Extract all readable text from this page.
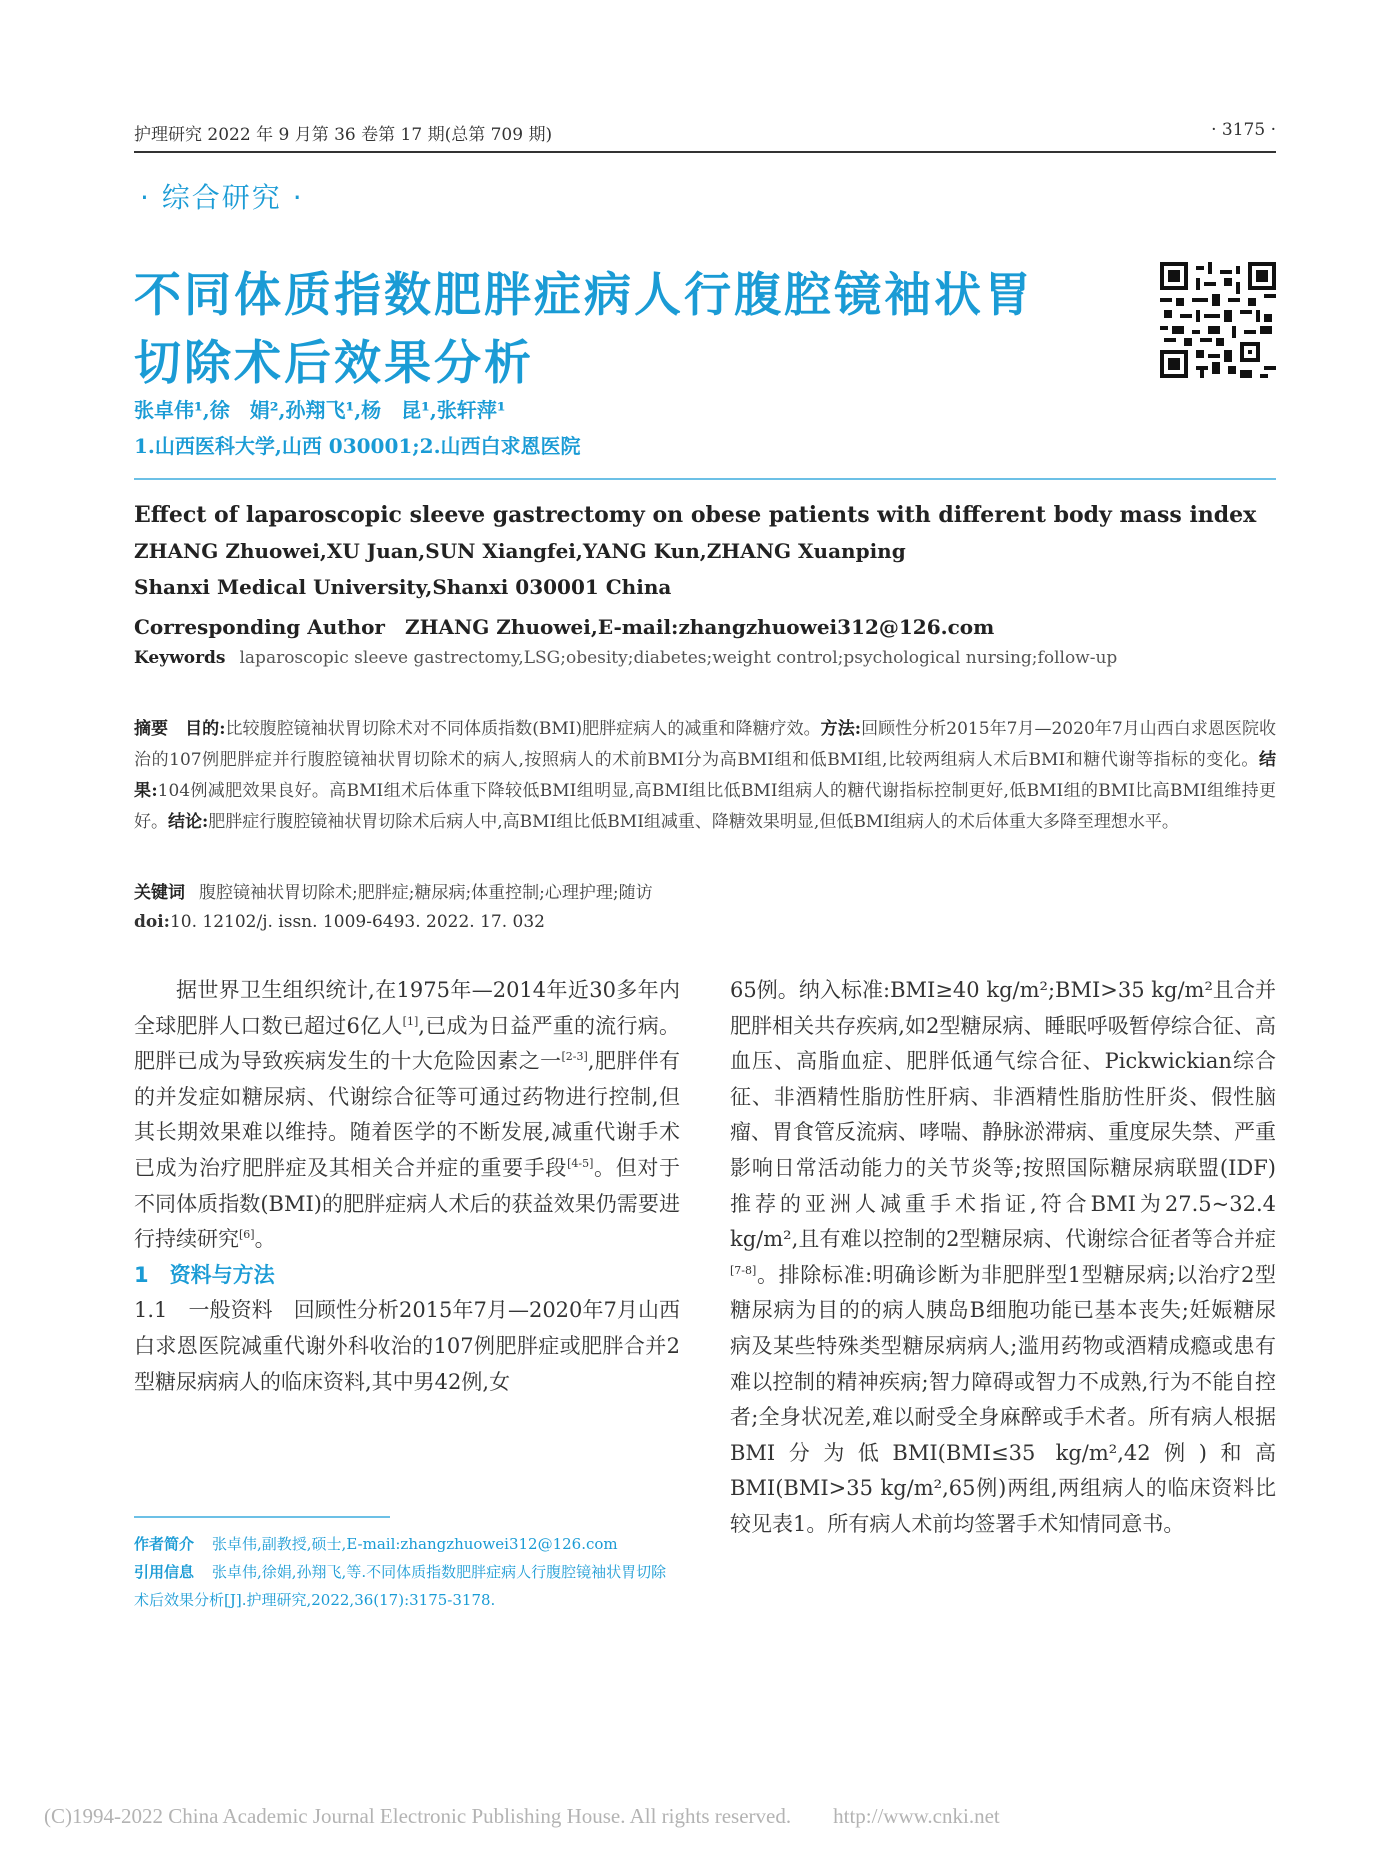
护理研究 2022 年 9 月第 36 卷第 17 期(总第 709 期)	· 3175 ·
· 综合研究 ·
不同体质指数肥胖症病人行腹腔镜袖状胃
切除术后效果分析
张卓伟¹,徐　娟²,孙翔飞¹,杨　昆¹,张轩萍¹
1.山西医科大学,山西 030001;2.山西白求恩医院
Effect of laparoscopic sleeve gastrectomy on obese patients with different body mass index
ZHANG Zhuowei,XU Juan,SUN Xiangfei,YANG Kun,ZHANG Xuanping
Shanxi Medical University,Shanxi 030001 China
Corresponding Author　ZHANG Zhuowei,E-mail:zhangzhuowei312@126.com
Keywords laparoscopic sleeve gastrectomy,LSG;obesity;diabetes;weight control;psychological nursing;follow-up
摘要　 目的:比较腹腔镜袖状胃切除术对不同体质指数(BMI)肥胖症病人的减重和降糖疗效。方法:回顾性分析2015年7月—2020年7月山西白求恩医院收治的107例肥胖症并行腹腔镜袖状胃切除术的病人,按照病人的术前BMI分为高BMI组和低BMI组,比较两组病人术后BMI和糖代谢等指标的变化。结果:104例减肥效果良好。高BMI组术后体重下降较低BMI组明显,高BMI组比低BMI组病人的糖代谢指标控制更好,低BMI组的BMI比高BMI组维持更好。结论:肥胖症行腹腔镜袖状胃切除术后病人中,高BMI组比低BMI组减重、降糖效果明显,但低BMI组病人的术后体重大多降至理想水平。
关键词 腹腔镜袖状胃切除术;肥胖症;糖尿病;体重控制;心理护理;随访
doi:10. 12102/j. issn. 1009-6493. 2022. 17. 032
据世界卫生组织统计,在1975年—2014年近30多年内全球肥胖人口数已超过6亿人[1],已成为日益严重的流行病。肥胖已成为导致疾病发生的十大危险因素之一[2-3],肥胖伴有的并发症如糖尿病、代谢综合征等可通过药物进行控制,但其长期效果难以维持。随着医学的不断发展,减重代谢手术已成为治疗肥胖症及其相关合并症的重要手段[4-5]。但对于不同体质指数(BMI)的肥胖症病人术后的获益效果仍需要进行持续研究[6]。
1　资料与方法
1.1　一般资料　回顾性分析2015年7月—2020年7月山西白求恩医院减重代谢外科收治的107例肥胖症或肥胖合并2型糖尿病病人的临床资料,其中男42例,女
65例。纳入标准:BMI≥40 kg/m²;BMI>35 kg/m²且合并肥胖相关共存疾病,如2型糖尿病、睡眠呼吸暂停综合征、高血压、高脂血症、肥胖低通气综合征、Pickwickian综合征、非酒精性脂肪性肝病、非酒精性脂肪性肝炎、假性脑瘤、胃食管反流病、哮喘、静脉淤滞病、重度尿失禁、严重影响日常活动能力的关节炎等;按照国际糖尿病联盟(IDF)推荐的亚洲人减重手术指证,符合BMI为27.5~32.4 kg/m²,且有难以控制的2型糖尿病、代谢综合征者等合并症[7-8]。排除标准:明确诊断为非肥胖型1型糖尿病;以治疗2型糖尿病为目的的病人胰岛B细胞功能已基本丧失;妊娠糖尿病及某些特殊类型糖尿病病人;滥用药物或酒精成瘾或患有难以控制的精神疾病;智力障碍或智力不成熟,行为不能自控者;全身状况差,难以耐受全身麻醉或手术者。所有病人根据BMI分为低BMI(BMI≤35 kg/m²,42例)和高BMI(BMI>35 kg/m²,65例)两组,两组病人的临床资料比较见表1。所有病人术前均签署手术知情同意书。
作者简介 张卓伟,副教授,硕士,E-mail:zhangzhuowei312@126.com
引用信息 张卓伟,徐娟,孙翔飞,等.不同体质指数肥胖症病人行腹腔镜袖状胃切除术后效果分析[J].护理研究,2022,36(17):3175-3178.
(C)1994-2022 China Academic Journal Electronic Publishing House. All rights reserved.　　http://www.cnki.net
